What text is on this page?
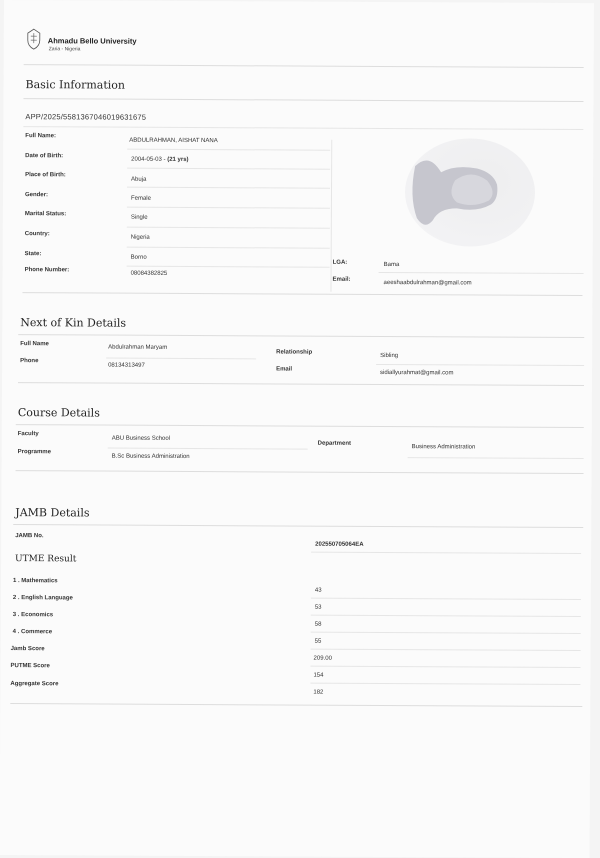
Ahmadu Bello University
Zaria - Nigeria
Basic Information
APP/2025/5581367046019631675
Full Name:
ABDULRAHMAN, AISHAT NANA
Date of Birth:
2004-05-03 - (21 yrs)
Place of Birth:
Abuja
Gender:
Female
Marital Status:
Single
Country:
Nigeria
State:
Borno
Phone Number:
08084382825
LGA:	Bama
Email:
aeeshaabdulrahman@gmail.com
Next of Kin Details
Full Name
Abdulrahman Maryam
Phone
08134313497
Relationship
Sibling
Email
sidiallyurahmat@gmail.com
Course Details
Faculty
ABU Business School
Programme
B.Sc Business Administration
Department
Business Administration
JAMB Details
JAMB No.
202550705064EA
UTME Result
1 . Mathematics
43
2 . English Language
53
3 . Economics
58
4 . Commerce
55
Jamb Score
209.00
PUTME Score
154
Aggregate Score
182
